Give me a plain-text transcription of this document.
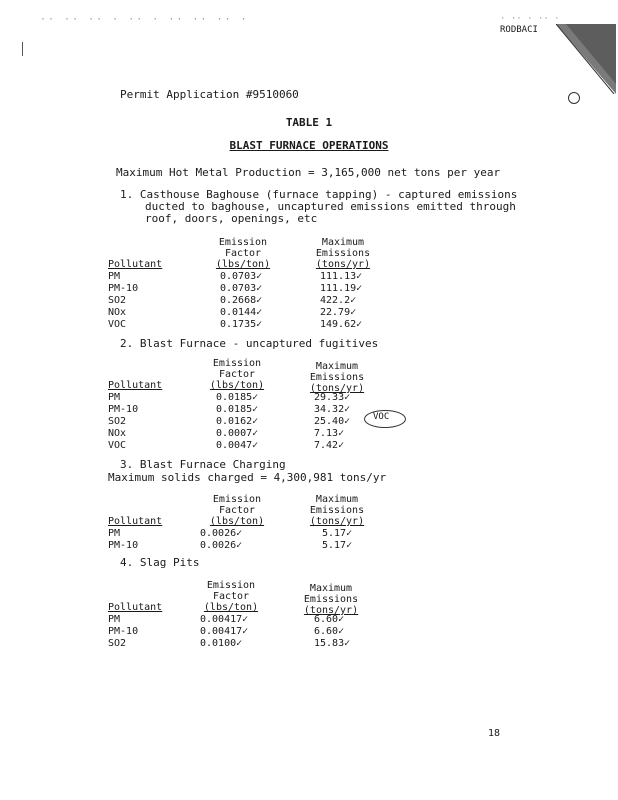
·· ·· ·· · ·· · ·· ·· ·· ·	· ·· · ·· ·
RODBACI
Permit Application #9510060
TABLE 1
BLAST FURNACE OPERATIONS
Maximum Hot Metal Production = 3,165,000 net tons per year
1. Casthouse Baghouse (furnace tapping) - captured emissions
ducted to baghouse, uncaptured emissions emitted through
roof, doors, openings, etc
Emission
Factor
(lbs/ton)
Maximum
Emissions
(tons/yr)
Pollutant
PM	0.0703✓	111.13✓
PM-10	0.0703✓	111.19✓
SO2	0.2668✓	422.2✓
NOx	0.0144✓	22.79✓
VOC	0.1735✓	149.62✓
2. Blast Furnace - uncaptured fugitives
Emission
Factor
(lbs/ton)
Maximum
Emissions
(tons/yr)
Pollutant
PM	0.0185✓	29.33✓
PM-10	0.0185✓	34.32✓
SO2	0.0162✓	25.40✓
NOx	0.0007✓	7.13✓
VOC	0.0047✓	7.42✓
VOC
3. Blast Furnace Charging
Maximum solids charged = 4,300,981 tons/yr
Emission
Factor
(lbs/ton)
Maximum
Emissions
(tons/yr)
Pollutant
PM	0.0026✓	5.17✓
PM-10	0.0026✓	5.17✓
4. Slag Pits
Emission
Factor
(lbs/ton)
Maximum
Emissions
(tons/yr)
Pollutant
PM	0.00417✓	6.60✓
PM-10	0.00417✓	6.60✓
SO2	0.0100✓	15.83✓
18
